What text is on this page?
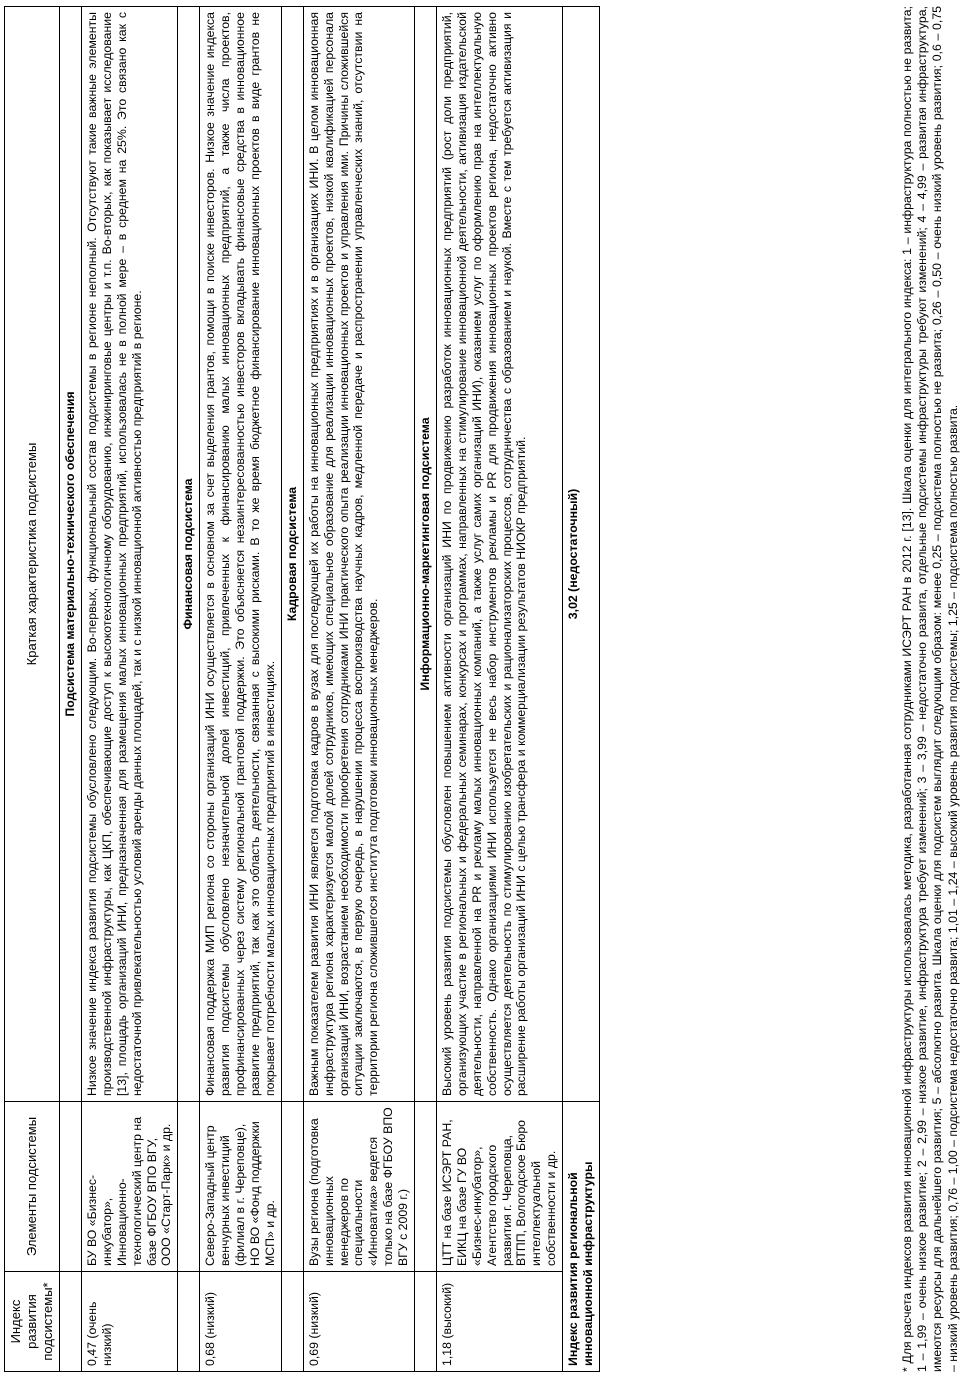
Индекс развития подсистемы*	Элементы подсистемы	Краткая характеристика подсистемы
		Подсистема материально-технического обеспечения
0,47 (очень низкий)	БУ ВО «Бизнес-инкубатор», Инновационно-технологический центр на базе ФГБОУ ВПО ВГУ, ООО «Старт-Парк» и др.	Низкое значение индекса развития подсистемы обусловлено следующим. Во-первых, функциональный состав подсистемы в регионе неполный. Отсутствуют такие важные элементы производственной инфраструктуры, как ЦКП, обеспечивающие доступ к высокотехнологичному оборудованию, инжиниринговые центры и т.п. Во-вторых, как показывает исследование [13], площадь организаций ИНИ, предназначенная для размещения малых инновационных предприятий, использовалась не в полной мере – в среднем на 25%. Это связано как с недостаточной привлекательностью условий аренды данных площадей, так и с низкой инновационной активностью предприятий в регионе.
		Финансовая подсистема
0,68 (низкий)	Северо-Западный центр венчурных инвестиций (филиал в г. Череповце), НО ВО «Фонд поддержки МСП» и др.	Финансовая поддержка МИП региона со стороны организаций ИНИ осуществляется в основном за счет выделения грантов, помощи в поиске инвесторов. Низкое значение индекса развития подсистемы обусловлено незначительной долей инвестиций, привлеченных к финансированию малых инновационных предприятий, а также числа проектов, профинансированных через систему региональной грантовой поддержки. Это объясняется незаинтересованностью инвесторов вкладывать финансовые средства в инновационное развитие предприятий, так как это область деятельности, связанная с высокими рисками. В то же время бюджетное финансирование инновационных проектов в виде грантов не покрывает потребности малых инновационных предприятий в инвестициях.
		Кадровая подсистема
0,69 (низкий)	Вузы региона (подготовка инновационных менеджеров по специальности «Инноватика» ведется только на базе ФГБОУ ВПО ВГУ с 2009 г.)	Важным показателем развития ИНИ является подготовка кадров в вузах для последующей их работы на инновационных предприятиях и в организациях ИНИ. В целом инновационная инфраструктура региона характеризуется малой долей сотрудников, имеющих специальное образование для реализации инновационных проектов, низкой квалификацией персонала организаций ИНИ, возрастанием необходимости приобретения сотрудниками ИНИ практического опыта реализации инновационных проектов и управления ими. Причины сложившейся ситуации заключаются, в первую очередь, в нарушении процесса воспроизводства научных кадров, медленной передаче и распространении управленческих знаний, отсутствии на территории региона сложившегося института подготовки инновационных менеджеров.
		Информационно-маркетинговая подсистема
1,18 (высокий)	ЦТТ на базе ИСЭРТ РАН, ЕИКЦ на базе ГУ ВО «Бизнес-инкубатор», Агентство городского развития г. Череповца, ВТПП, Вологодское Бюро интеллектуальной собственности и др.	Высокий уровень развития подсистемы обусловлен повышением активности организаций ИНИ по продвижению разработок инновационных предприятий (рост доли предприятий, организующих участие в региональных и федеральных семинарах, конкурсах и программах, направленных на стимулирование инновационной деятельности, активизация издательской деятельности, направленной на PR и рекламу малых инновационных компаний, а также услуг самих организаций ИНИ), оказанием услуг по оформлению прав на интеллектуальную собственность. Однако организациями ИНИ используется не весь набор инструментов рекламы и PR для продвижения инновационных проектов региона, недостаточно активно осуществляется деятельность по стимулированию изобретательских и рационализаторских процессов, сотрудничества с образованием и наукой. Вместе с тем требуется активизация и расширение работы организаций ИНИ с целью трансфера и коммерциализации результатов НИОКР предприятий.
Индекс развития региональной инновационной инфраструктуры		3,02 (недостаточный)	* Для расчета индексов развития инновационной инфраструктуры использовалась методика, разработанная сотрудниками ИСЭРТ РАН в 2012 г. [13]. Шкала оценки для интегрального индекса: 1 – инфраструктура полностью не развита; 1 – 1,99 – очень низкое развитие; 2 – 2,99 – низкое развитие, инфраструктура требует изменений; 3 – 3,99 – недостаточно развита, отдельные подсистемы инфраструктуры требуют изменений; 4 – 4,99 – развитая инфраструктура, имеются ресурсы для дальнейшего развития; 5 – абсолютно развита. Шкала оценки для подсистем выглядит следующим образом: менее 0,25 – подсистема полностью не развита; 0,26 – 0,50 – очень низкий уровень развития; 0,6 – 0,75 – низкий уровень развития; 0,76 – 1,00 – подсистема недостаточно развита; 1,01 – 1,24 – высокий уровень развития подсистемы; 1,25 – подсистема полностью развита.
